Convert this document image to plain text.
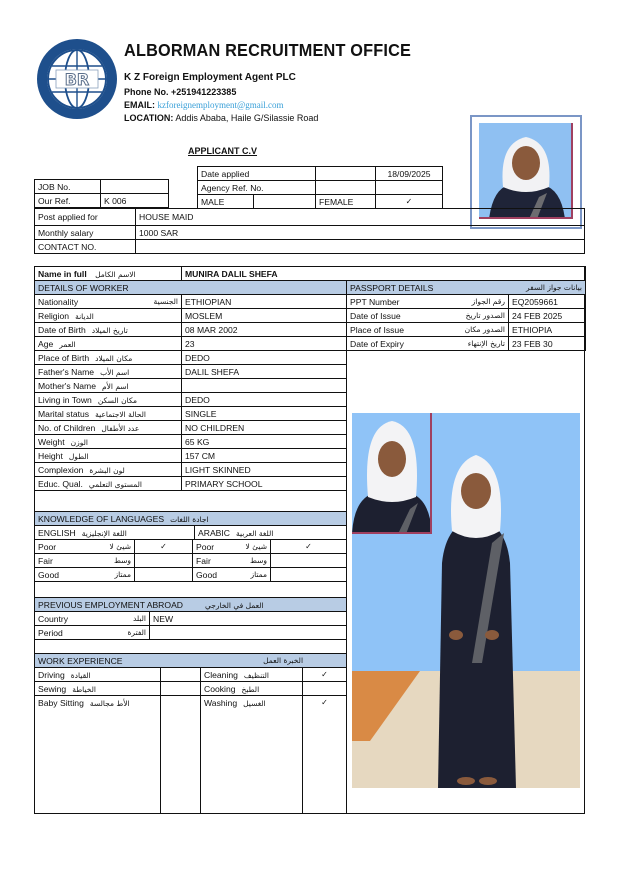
BR
ALBORMAN RECRUITMENT OFFICE
K Z Foreign Employment Agent PLC
Phone No. +251941223385
EMAIL: kzforeignemployment@gmail.com
LOCATION: Addis Ababa, Haile G/Silassie Road
APPLICANT C.V
JOB No.	
Our Ref.	K 006
Date applied			18/09/2025
Agency Ref. No.			
MALE		FEMALE	✓
Post applied for	HOUSE MAID
Monthly salary	1000 SAR
CONTACT NO.	
Name in full الاسم الكامل	MUNIRA DALIL SHEFA
DETAILS OF WORKER	
Nationality الجنسية	ETHIOPIAN
Religion الديانة	MOSLEM
Date of Birth تاريخ الميلاد	08 MAR 2002
Age العمر	23
Place of Birth مكان الميلاد	DEDO
Father's Name اسم الأب	DALIL SHEFA
Mother's Name اسم الأم	
Living in Town مكان السكن	DEDO
Marital status الحالة الاجتماعية	SINGLE
No. of Children عدد الأطفال	NO CHILDREN
Weight الوزن	65 KG
Height الطول	157 CM
Complexion لون البشرة	LIGHT SKINNED
Educ. Qual. المستوى التعلمي	PRIMARY SCHOOL
PASSPORT DETAILS بيانات جواز السفر	

PPT Number رقم الجواز	EQ2059661
Date of Issue الصدور تاريخ	24 FEB 2025
Place of Issue الصدور مكان	ETHIOPIA
Date of Expiry تاريخ الإنتهاء	23 FEB 30
KNOWLEDGE OF LANGUAGES اجادة اللغات
ENGLISH اللغة الإنجليزية	ARABIC اللغة العربية
Poor شيئ لا	✓	Poor شيئ لا	✓
Fair وسط		Fair وسط	

Good ممتاز		Good ممتاز	

PREVIOUS EMPLOYMENT ABROAD العمل في الخارجي	
Country البلد	NEW
Period الفترة	

WORK EXPERIENCE الخبرة العمل			

Driving القيادة		Cleaning التنظيف	✓
Sewing الخياطة		Cooking الطبخ	
Baby Sitting الأط مجالسة		Washing الغسيل	✓
